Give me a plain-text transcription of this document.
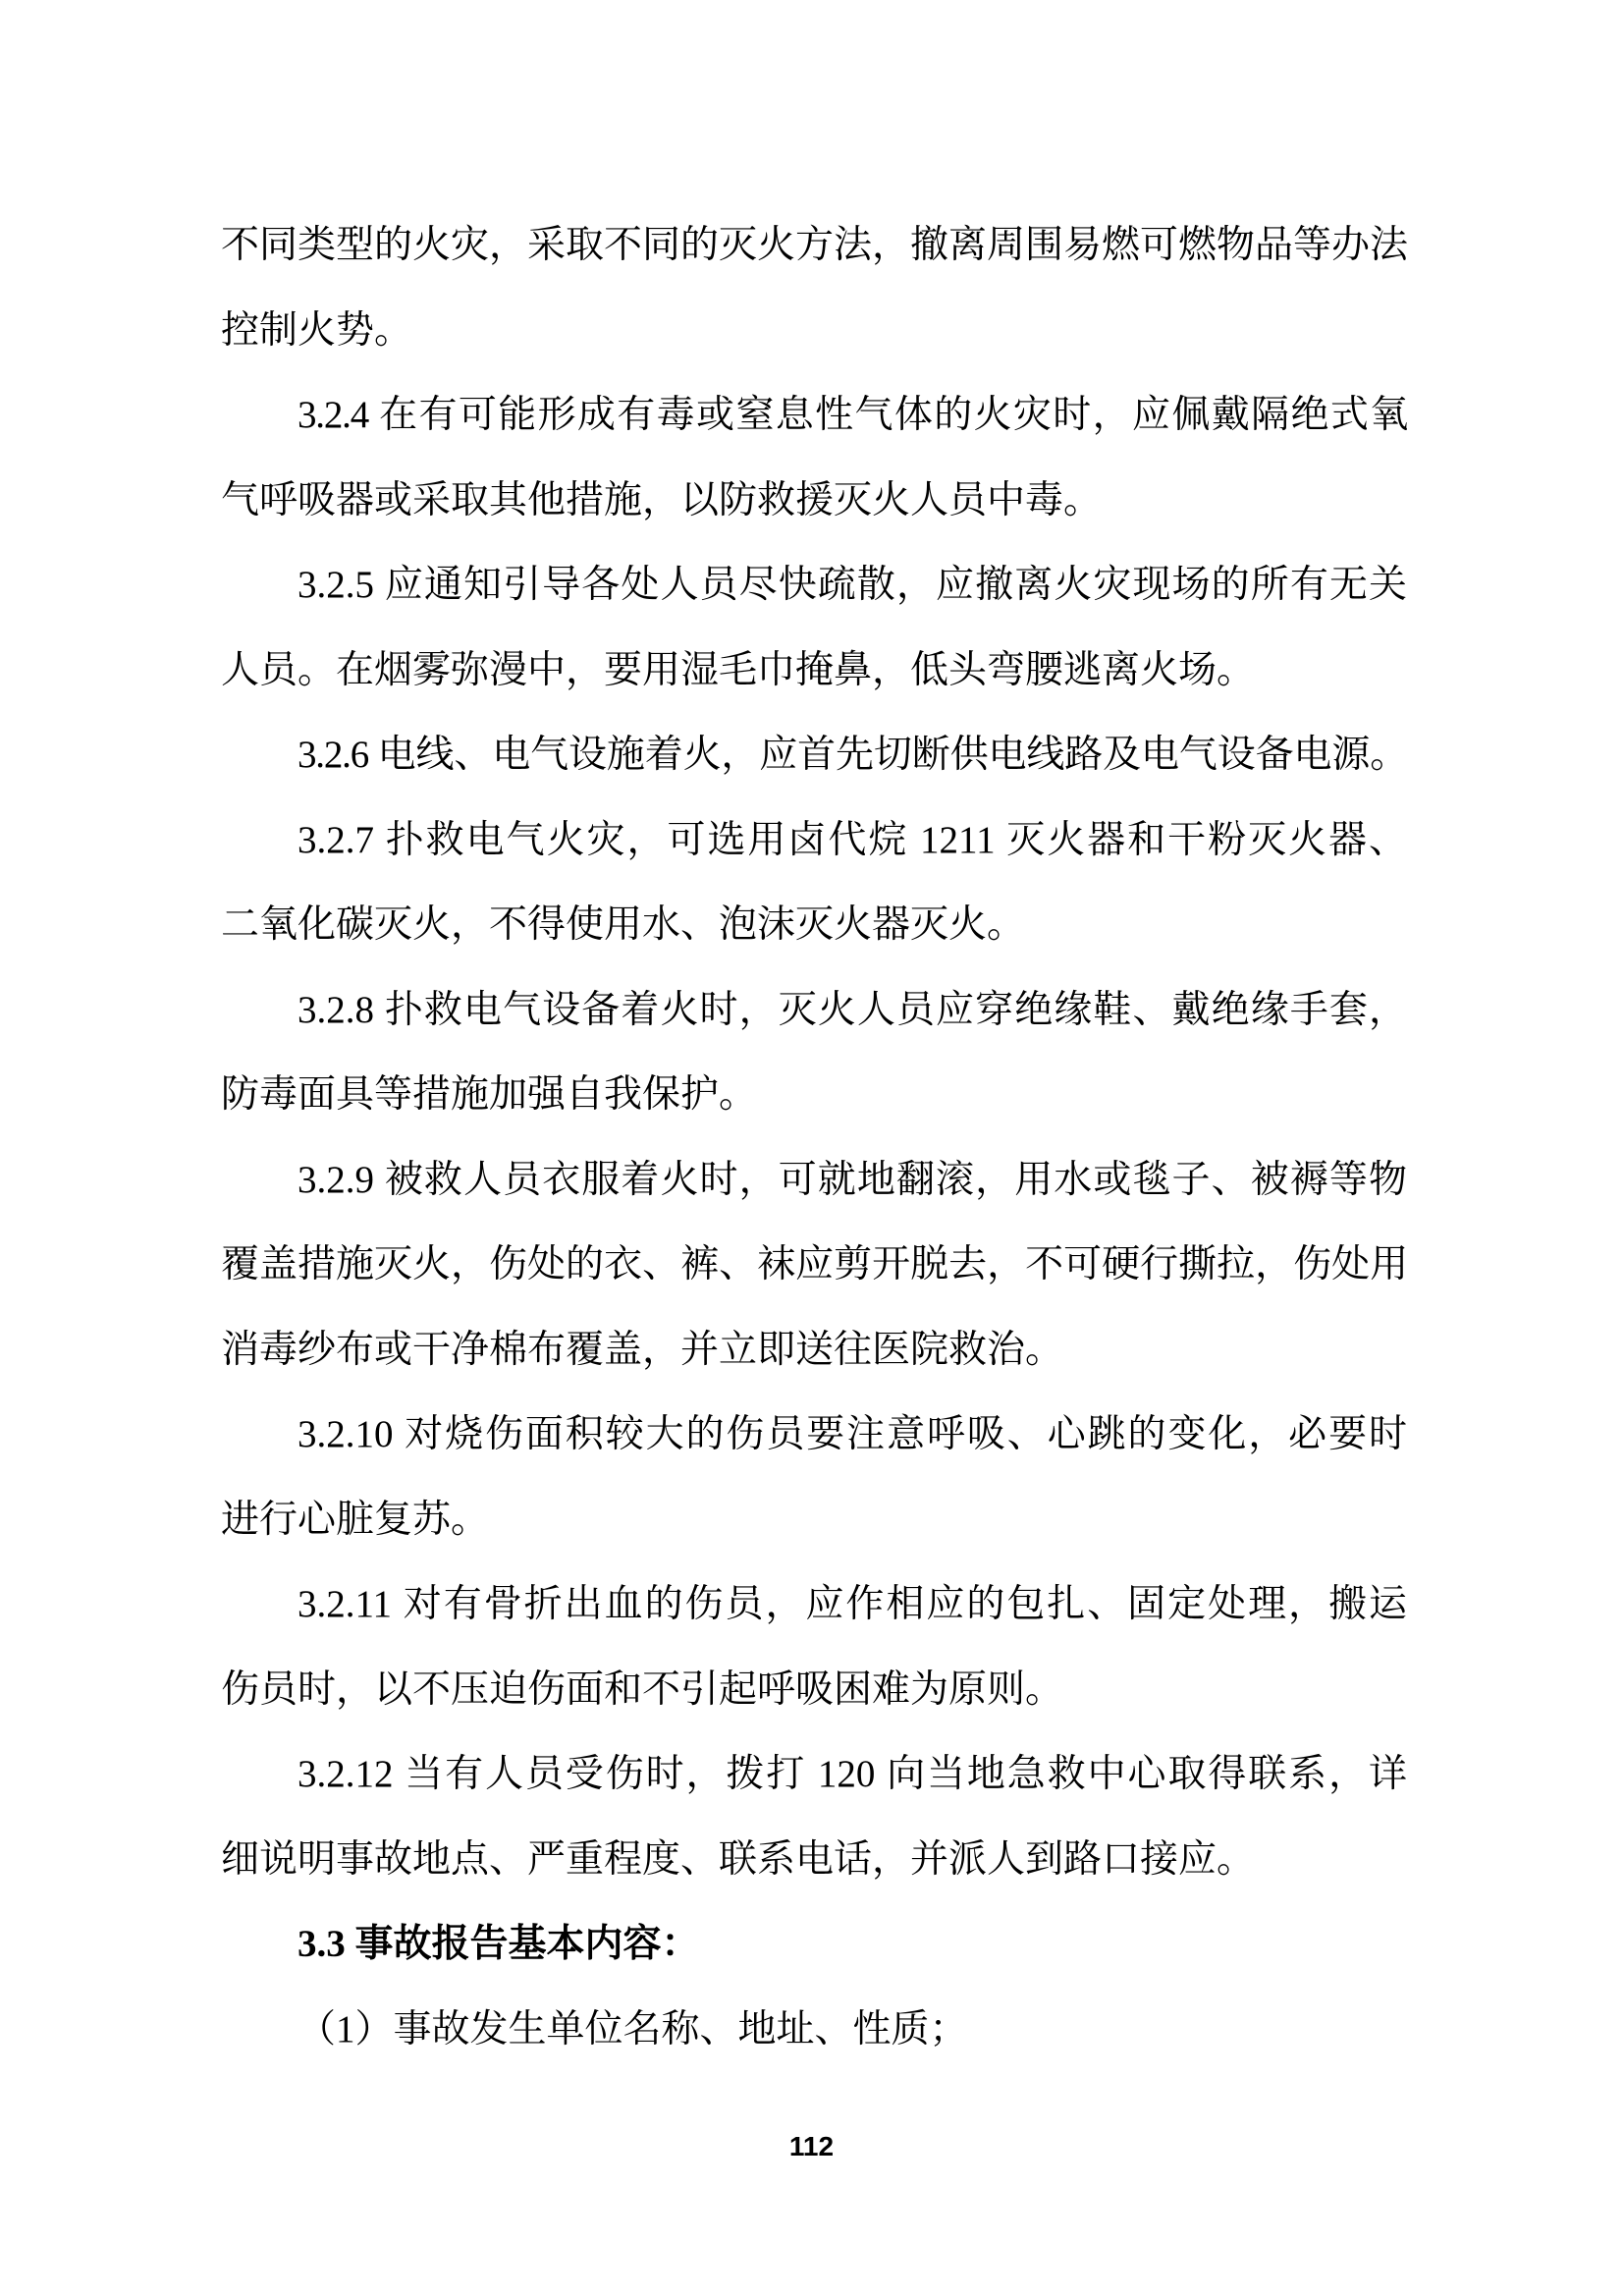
不同类型的火灾，采取不同的灭火方法，撤离周围易燃可燃物品等办法
控制火势。
3.2.4 在有可能形成有毒或窒息性气体的火灾时，应佩戴隔绝式氧
气呼吸器或采取其他措施，以防救援灭火人员中毒。
3.2.5 应通知引导各处人员尽快疏散，应撤离火灾现场的所有无关
人员。在烟雾弥漫中，要用湿毛巾掩鼻，低头弯腰逃离火场。
3.2.6 电线、电气设施着火，应首先切断供电线路及电气设备电源。
3.2.7 扑救电气火灾，可选用卤代烷 1211 灭火器和干粉灭火器、
二氧化碳灭火，不得使用水、泡沫灭火器灭火。
3.2.8 扑救电气设备着火时，灭火人员应穿绝缘鞋、戴绝缘手套，
防毒面具等措施加强自我保护。
3.2.9 被救人员衣服着火时，可就地翻滚，用水或毯子、被褥等物
覆盖措施灭火，伤处的衣、裤、袜应剪开脱去，不可硬行撕拉，伤处用
消毒纱布或干净棉布覆盖，并立即送往医院救治。
3.2.10 对烧伤面积较大的伤员要注意呼吸、心跳的变化，必要时
进行心脏复苏。
3.2.11 对有骨折出血的伤员，应作相应的包扎、固定处理，搬运
伤员时，以不压迫伤面和不引起呼吸困难为原则。
3.2.12 当有人员受伤时，拨打 120 向当地急救中心取得联系，详
细说明事故地点、严重程度、联系电话，并派人到路口接应。
3.3 事故报告基本内容：
（1）事故发生单位名称、地址、性质；
112
